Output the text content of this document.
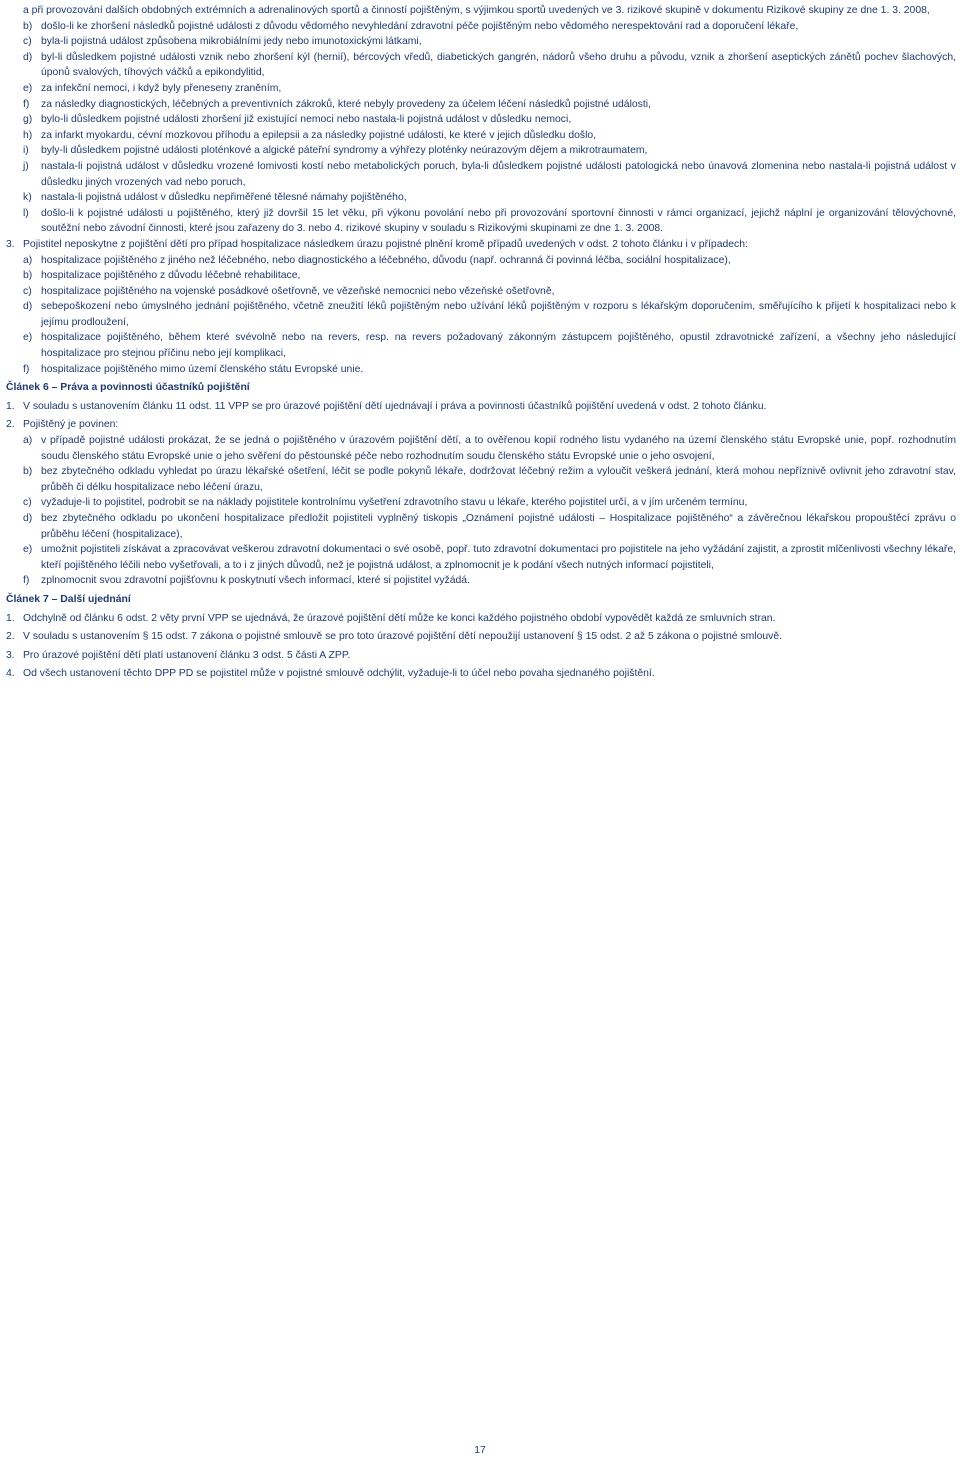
a při provozování dalších obdobných extrémních a adrenalinových sportů a činností pojištěným, s výjimkou sportů uvedených ve 3. rizikové skupině v dokumentu Rizikové skupiny ze dne 1. 3. 2008,
b) došlo-li ke zhoršení následků pojistné události z důvodu vědomého nevyhledání zdravotní péče pojištěným nebo vědomého nerespektování rad a doporučení lékaře,
c) byla-li pojistná událost způsobena mikrobiálními jedy nebo imunotoxickými látkami,
d) byl-li důsledkem pojistné události vznik nebo zhoršení kýl (hernií), bércových vředů, diabetických gangrén, nádorů všeho druhu a původu, vznik a zhoršení aseptických zánětů pochev šlachových, úponů svalových, tíhových váčků a epikondylitid,
e) za infekční nemoci, i když byly přeneseny zraněním,
f)	za následky diagnostických, léčebných a preventivních zákroků, které nebyly provedeny za účelem léčení následků pojistné události,
g) bylo-li důsledkem pojistné události zhoršení již existující nemoci nebo nastala-li pojistná událost v důsledku nemoci,
h) za infarkt myokardu, cévní mozkovou příhodu a epilepsii a za následky pojistné události, ke které v jejich důsledku došlo,
i)	byly-li důsledkem pojistné události ploténkové a algické páteřní syndromy a výhřezy ploténky neúrazovým dějem a mikrotraumatem,
j)	nastala-li pojistná událost v důsledku vrozené lomivosti kostí nebo metabolických poruch, byla-li důsledkem pojistné události patologická nebo únavová zlomenina nebo nastala-li pojistná událost v důsledku jiných vrozených vad nebo poruch,
k) nastala-li pojistná událost v důsledku nepřiměřené tělesné námahy pojištěného,
l)	došlo-li k pojistné události u pojištěného, který již dovršil 15 let věku, při výkonu povolání nebo při provozování sportovní činnosti v rámci organizací, jejichž náplní je organizování tělovýchovné, soutěžní nebo závodní činnosti, které jsou zařazeny do 3. nebo 4. rizikové skupiny v souladu s Rizikovými skupinami ze dne 1. 3. 2008.
3. Pojistitel neposkytne z pojištění dětí pro případ hospitalizace následkem úrazu pojistné plnění kromě případů uvedených v odst. 2 tohoto článku i v případech:
a) hospitalizace pojištěného z jiného než léčebného, nebo diagnostického a léčebného, důvodu (např. ochranná či povinná léčba, sociální hospitalizace),
b) hospitalizace pojištěného z důvodu léčebné rehabilitace,
c) hospitalizace pojištěného na vojenské posádkové ošetřovně, ve vězeňské nemocnici nebo vězeňské ošetřovně,
d) sebepoškození nebo úmyslného jednání pojištěného, včetně zneužití léků pojištěným nebo užívání léků pojištěným v rozporu s lékařským doporučením, směřujícího k přijetí k hospitalizaci nebo k jejímu prodloužení,
e) hospitalizace pojištěného, během které svévolně nebo na revers, resp. na revers požadovaný zákonným zástupcem pojištěného, opustil zdravotnické zařízení, a všechny jeho následující hospitalizace pro stejnou příčinu nebo její komplikaci,
f)	hospitalizace pojištěného mimo území členského státu Evropské unie.
Článek 6 – Práva a povinnosti účastníků pojištění
1. V souladu s ustanovením článku 11 odst. 11 VPP se pro úrazové pojištění dětí ujednávají i práva a povinnosti účastníků pojištění uvedená v odst. 2 tohoto článku.
2. Pojištěný je povinen:
a) v případě pojistné události prokázat, že se jedná o pojištěného v úrazovém pojištění dětí, a to ověřenou kopií rodného listu vydaného na území členského státu Evropské unie, popř. rozhodnutím soudu členského státu Evropské unie o jeho svěření do pěstounské péče nebo rozhodnutím soudu členského státu Evropské unie o jeho osvojení,
b) bez zbytečného odkladu vyhledat po úrazu lékařské ošetření, léčit se podle pokynů lékaře, dodržovat léčebný režim a vyloučit veškerá jednání, která mohou nepříznivě ovlivnit jeho zdravotní stav, průběh či délku hospitalizace nebo léčení úrazu,
c) vyžaduje-li to pojistitel, podrobit se na náklady pojistitele kontrolnímu vyšetření zdravotního stavu u lékaře, kterého pojistitel určí, a v jím určeném termínu,
d) bez zbytečného odkladu po ukončení hospitalizace předložit pojistiteli vyplněný tiskopis „Oznámení pojistné události – Hospitalizace pojištěného“ a závěrečnou lékařskou propouštěcí zprávu o průběhu léčení (hospitalizace),
e) umožnit pojistiteli získávat a zpracovávat veškerou zdravotní dokumentaci o své osobě, popř. tuto zdravotní dokumentaci pro pojistitele na jeho vyžádání zajistit, a zprostit mlčenlivosti všechny lékaře, kteří pojištěného léčili nebo vyšetřovali, a to i z jiných důvodů, než je pojistná událost, a zplnomocnit je k podání všech nutných informací pojistiteli,
f)	zplnomocnit svou zdravotní pojišťovnu k poskytnutí všech informací, které si pojistitel vyžádá.
Článek 7 – Další ujednání
1. Odchylně od článku 6 odst. 2 věty první VPP se ujednává, že úrazové pojištění dětí může ke konci každého pojistného období vypovědět každá ze smluvních stran.
2. V souladu s ustanovením § 15 odst. 7 zákona o pojistné smlouvě se pro toto úrazové pojištění dětí nepoužijí ustanovení § 15 odst. 2 až 5 zákona o pojistné smlouvě.
3. Pro úrazové pojištění dětí platí ustanovení článku 3 odst. 5 části A ZPP.
4. Od všech ustanovení těchto DPP PD se pojistitel může v pojistné smlouvě odchýlit, vyžaduje-li to účel nebo povaha sjednaného pojištění.
17
